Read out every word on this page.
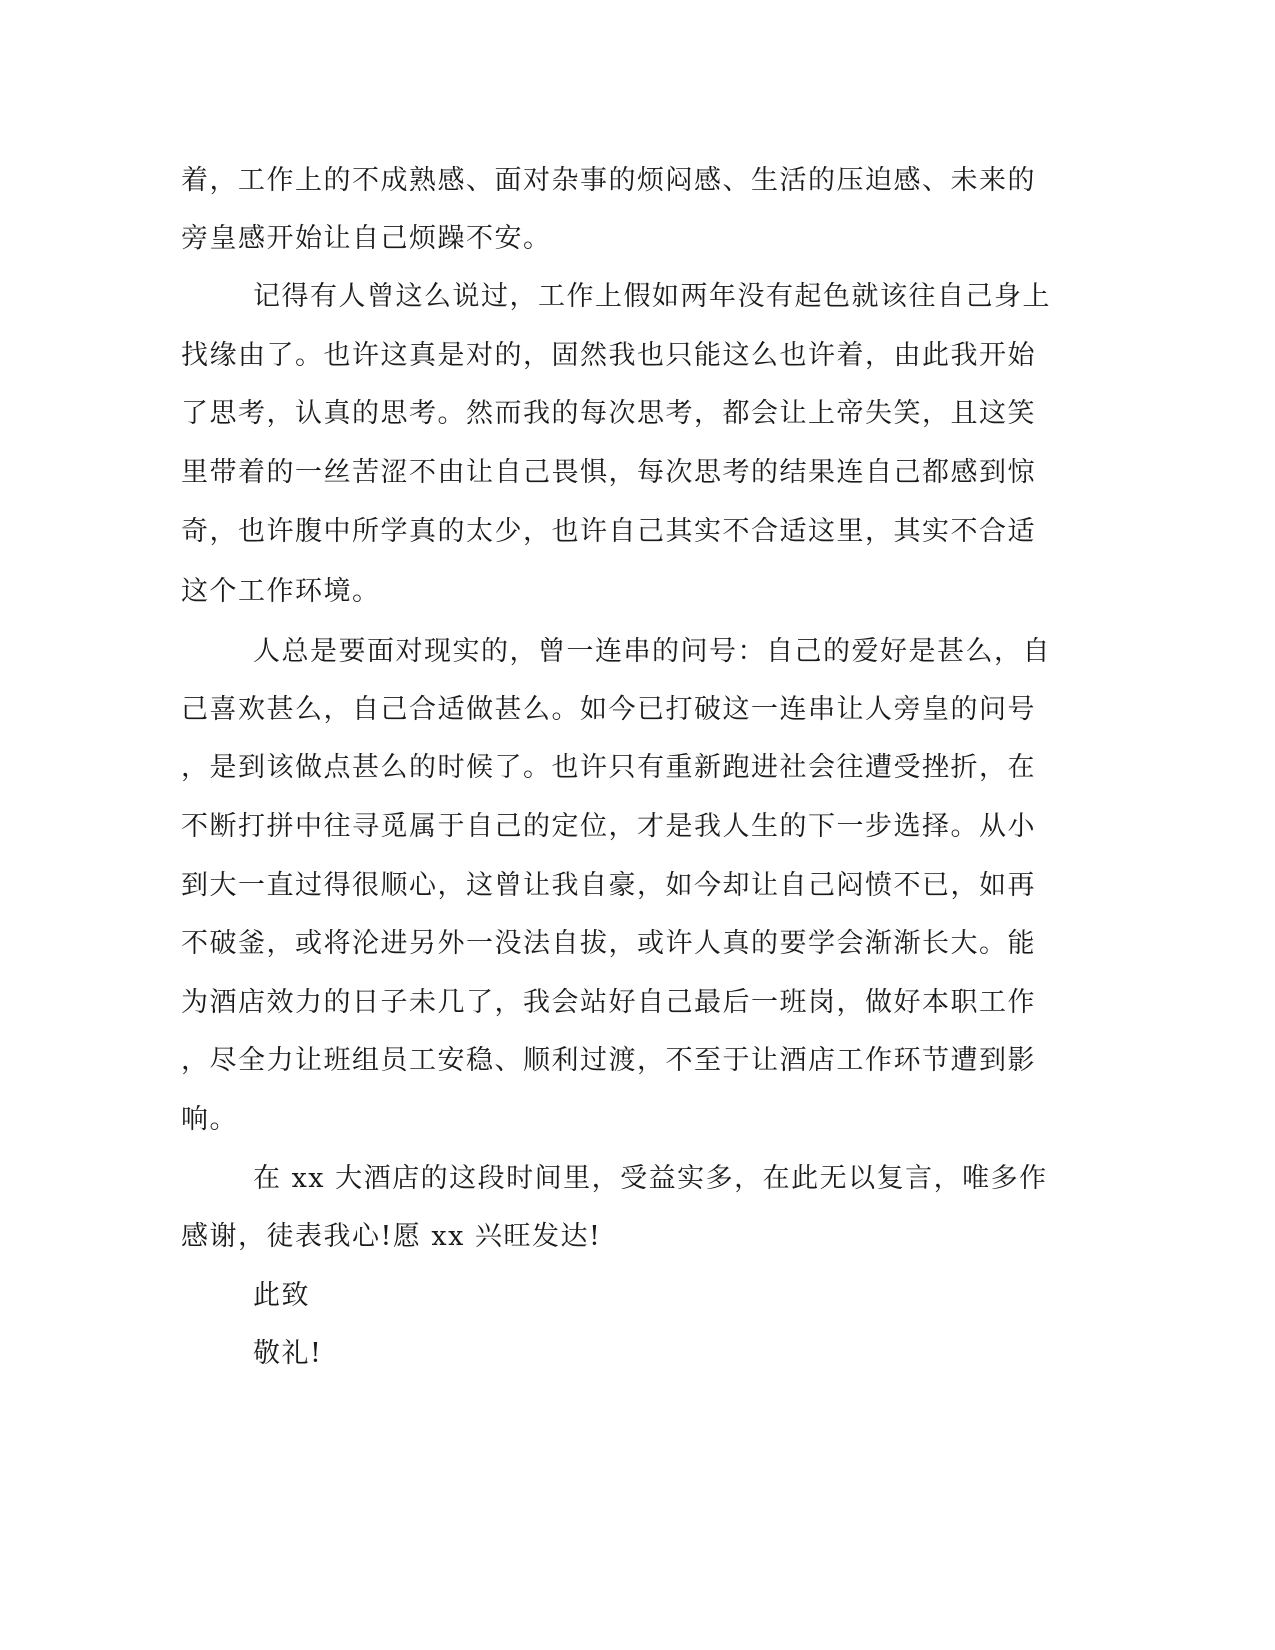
着，工作上的不成熟感、面对杂事的烦闷感、生活的压迫感、未来的
旁皇感开始让自己烦躁不安。
记得有人曾这么说过，工作上假如两年没有起色就该往自己身上
找缘由了。也许这真是对的，固然我也只能这么也许着，由此我开始
了思考，认真的思考。然而我的每次思考，都会让上帝失笑，且这笑
里带着的一丝苦涩不由让自己畏惧，每次思考的结果连自己都感到惊
奇，也许腹中所学真的太少，也许自己其实不合适这里，其实不合适
这个工作环境。
人总是要面对现实的，曾一连串的问号：自己的爱好是甚么，自
己喜欢甚么，自己合适做甚么。如今已打破这一连串让人旁皇的问号
，是到该做点甚么的时候了。也许只有重新跑进社会往遭受挫折，在
不断打拼中往寻觅属于自己的定位，才是我人生的下一步选择。从小
到大一直过得很顺心，这曾让我自豪，如今却让自己闷愤不已，如再
不破釜，或将沦进另外一没法自拔，或许人真的要学会渐渐长大。能
为酒店效力的日子未几了，我会站好自己最后一班岗，做好本职工作
，尽全力让班组员工安稳、顺利过渡，不至于让酒店工作环节遭到影
响。
在 xx 大酒店的这段时间里，受益实多，在此无以复言，唯多作
感谢，徒表我心!愿 xx 兴旺发达!
此致
敬礼!
